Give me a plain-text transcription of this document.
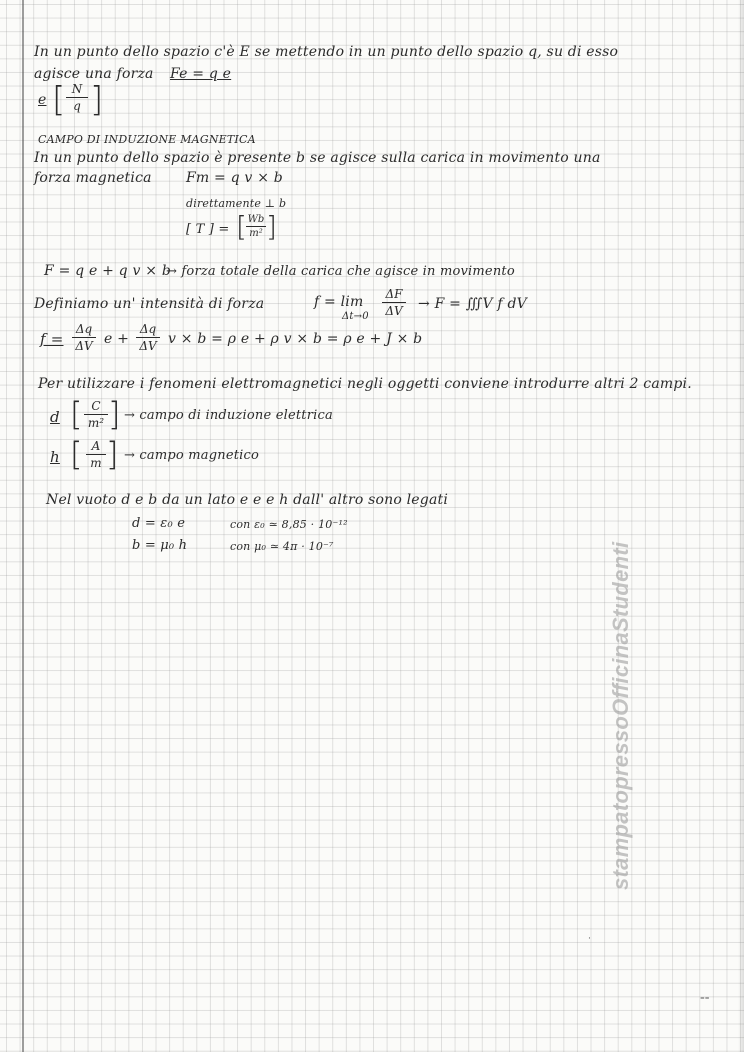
In un punto dello spazio c'è E se mettendo in un punto dello spazio q, su di esso
agisce una forza Fe = q e
e [ N
q ]
CAMPO DI INDUZIONE MAGNETICA
In un punto dello spazio è presente b se agisce sulla carica in movimento una
forza magnetica Fm = q v × b
direttamente ⊥ b
[ T ] = [ Wb
m² ]
F = q e + q v × b
→ forza totale della carica che agisce in movimento
Definiamo un' intensità di forza	f = lim
Δt→0
ΔF
ΔV → F = ∭V f dV
f =
Δq
ΔV e +
Δq
ΔV v × b = ρ e + ρ v × b = ρ e + J × b
Per utilizzare i fenomeni elettromagnetici negli oggetti conviene introdurre altri 2 campi.
d [ C
m² ] → campo di induzione elettrica
h [ A
m ] → campo magnetico
Nel vuoto d e b da un lato e e e h dall' altro sono legati
d = ε₀ e	con ε₀ ≃ 8,85 · 10⁻¹²
b = μ₀ h	con μ₀ ≃ 4π · 10⁻⁷	stampatopressoOfficinaStudenti
·
⁼⁼
